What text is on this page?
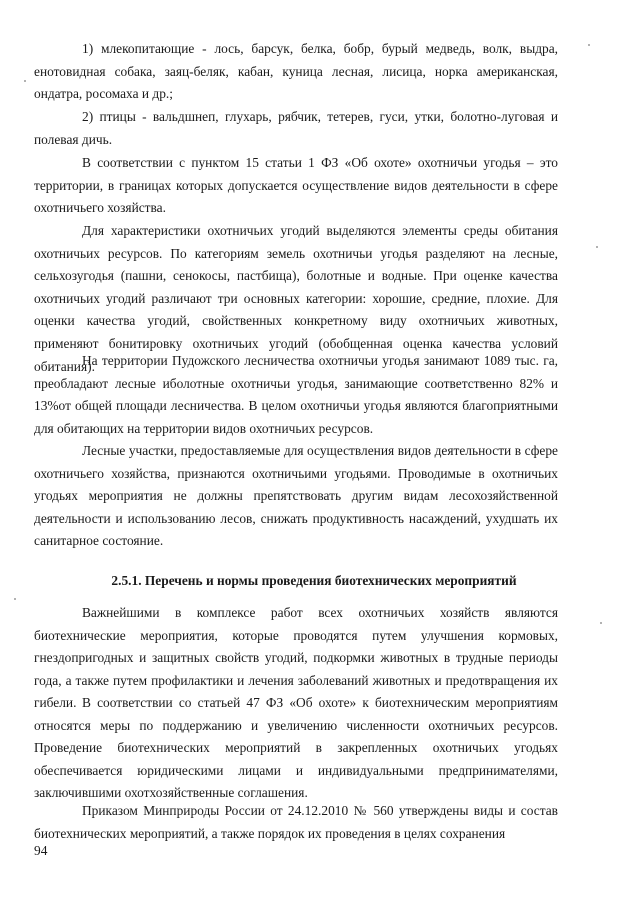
1) млекопитающие - лось, барсук, белка, бобр, бурый медведь, волк, выдра, енотовидная собака, заяц-беляк, кабан, куница лесная, лисица, норка американская, ондатра, росомаха и др.;

2) птицы - вальдшнеп, глухарь, рябчик, тетерев, гуси, утки, болотно-луговая и полевая дичь.

В соответствии с пунктом 15 статьи 1 ФЗ «Об охоте» охотничьи угодья – это территории, в границах которых допускается осуществление видов деятельности в сфере охотничьего хозяйства.

Для характеристики охотничьих угодий выделяются элементы среды обитания охотничьих ресурсов. По категориям земель охотничьи угодья разделяют на лесные, сельхозугодья (пашни, сенокосы, пастбища), болотные и водные. При оценке качества охотничьих угодий различают три основных категории: хорошие, средние, плохие. Для оценки качества угодий, свойственных конкретному виду охотничьих животных, применяют бонитировку охотничьих угодий (обобщенная оценка качества условий обитания).

На территории Пудожского лесничества охотничьи угодья занимают 1089 тыс. га, преобладают лесные иболотные охотничьи угодья, занимающие соответственно 82% и 13%от общей площади лесничества. В целом охотничьи угодья являются благоприятными для обитающих на территории видов охотничьих ресурсов.

Лесные участки, предоставляемые для осуществления видов деятельности в сфере охотничьего хозяйства, признаются охотничьими угодьями. Проводимые в охотничьих угодьях мероприятия не должны препятствовать другим видам лесохозяйственной деятельности и использованию лесов, снижать продуктивность насаждений, ухудшать их санитарное состояние.

2.5.1. Перечень и нормы проведения биотехнических мероприятий

Важнейшими в комплексе работ всех охотничьих хозяйств являются биотехнические мероприятия, которые проводятся путем улучшения кормовых, гнездопригодных и защитных свойств угодий, подкормки животных в трудные периоды года, а также путем профилактики и лечения заболеваний животных и предотвращения их гибели. В соответствии со статьей 47 ФЗ «Об охоте» к биотехническим мероприятиям относятся меры по поддержанию и увеличению численности охотничьих ресурсов. Проведение биотехнических мероприятий в закрепленных охотничьих угодьях обеспечивается юридическими лицами и индивидуальными предпринимателями, заключившими охотхозяйственные соглашения.

Приказом Минприроды России от 24.12.2010 № 560 утверждены виды и состав биотехнических мероприятий, а также порядок их проведения в целях сохранения

94
